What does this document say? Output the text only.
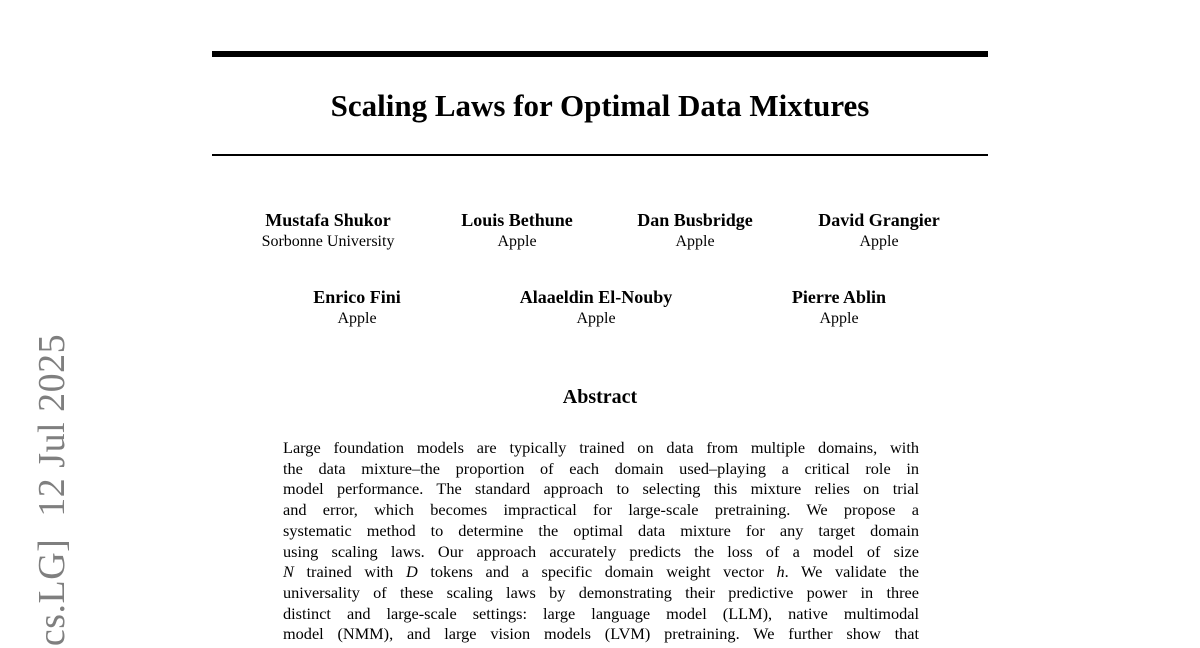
Scaling Laws for Optimal Data Mixtures
Mustafa Shukor
Sorbonne University
Louis Bethune
Apple
Dan Busbridge
Apple
David Grangier
Apple
Enrico Fini
Apple
Alaaeldin El-Nouby
Apple
Pierre Ablin
Apple
Abstract
Large foundation models are typically trained on data from multiple domains, with
the data mixture–the proportion of each domain used–playing a critical role in
model performance. The standard approach to selecting this mixture relies on trial
and error, which becomes impractical for large-scale pretraining. We propose a
systematic method to determine the optimal data mixture for any target domain
using scaling laws. Our approach accurately predicts the loss of a model of size
N trained with D tokens and a specific domain weight vector h. We validate the
universality of these scaling laws by demonstrating their predictive power in three
distinct and large-scale settings: large language model (LLM), native multimodal
model (NMM), and large vision models (LVM) pretraining. We further show that
cs.LG]12 Jul 2025
